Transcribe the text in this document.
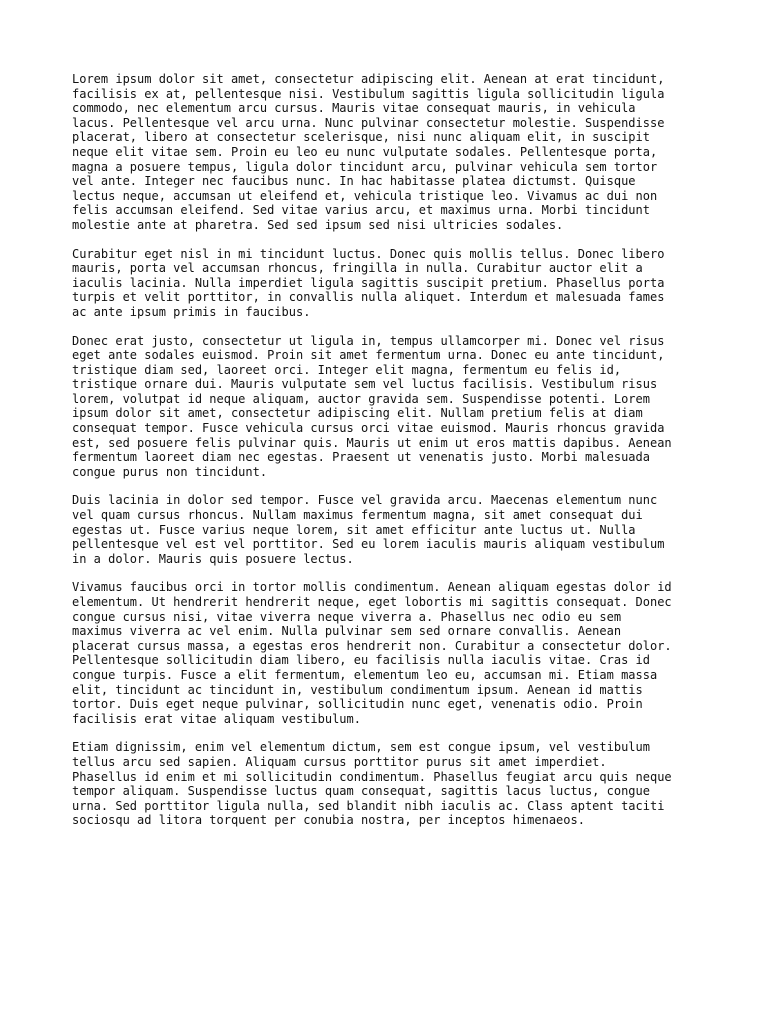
Lorem ipsum dolor sit amet, consectetur adipiscing elit. Aenean at erat tincidunt,
facilisis ex at, pellentesque nisi. Vestibulum sagittis ligula sollicitudin ligula
commodo, nec elementum arcu cursus. Mauris vitae consequat mauris, in vehicula
lacus. Pellentesque vel arcu urna. Nunc pulvinar consectetur molestie. Suspendisse
placerat, libero at consectetur scelerisque, nisi nunc aliquam elit, in suscipit
neque elit vitae sem. Proin eu leo eu nunc vulputate sodales. Pellentesque porta,
magna a posuere tempus, ligula dolor tincidunt arcu, pulvinar vehicula sem tortor
vel ante. Integer nec faucibus nunc. In hac habitasse platea dictumst. Quisque
lectus neque, accumsan ut eleifend et, vehicula tristique leo. Vivamus ac dui non
felis accumsan eleifend. Sed vitae varius arcu, et maximus urna. Morbi tincidunt
molestie ante at pharetra. Sed sed ipsum sed nisi ultricies sodales.

Curabitur eget nisl in mi tincidunt luctus. Donec quis mollis tellus. Donec libero
mauris, porta vel accumsan rhoncus, fringilla in nulla. Curabitur auctor elit a
iaculis lacinia. Nulla imperdiet ligula sagittis suscipit pretium. Phasellus porta
turpis et velit porttitor, in convallis nulla aliquet. Interdum et malesuada fames
ac ante ipsum primis in faucibus.

Donec erat justo, consectetur ut ligula in, tempus ullamcorper mi. Donec vel risus
eget ante sodales euismod. Proin sit amet fermentum urna. Donec eu ante tincidunt,
tristique diam sed, laoreet orci. Integer elit magna, fermentum eu felis id,
tristique ornare dui. Mauris vulputate sem vel luctus facilisis. Vestibulum risus
lorem, volutpat id neque aliquam, auctor gravida sem. Suspendisse potenti. Lorem
ipsum dolor sit amet, consectetur adipiscing elit. Nullam pretium felis at diam
consequat tempor. Fusce vehicula cursus orci vitae euismod. Mauris rhoncus gravida
est, sed posuere felis pulvinar quis. Mauris ut enim ut eros mattis dapibus. Aenean
fermentum laoreet diam nec egestas. Praesent ut venenatis justo. Morbi malesuada
congue purus non tincidunt.

Duis lacinia in dolor sed tempor. Fusce vel gravida arcu. Maecenas elementum nunc
vel quam cursus rhoncus. Nullam maximus fermentum magna, sit amet consequat dui
egestas ut. Fusce varius neque lorem, sit amet efficitur ante luctus ut. Nulla
pellentesque vel est vel porttitor. Sed eu lorem iaculis mauris aliquam vestibulum
in a dolor. Mauris quis posuere lectus.

Vivamus faucibus orci in tortor mollis condimentum. Aenean aliquam egestas dolor id
elementum. Ut hendrerit hendrerit neque, eget lobortis mi sagittis consequat. Donec
congue cursus nisi, vitae viverra neque viverra a. Phasellus nec odio eu sem
maximus viverra ac vel enim. Nulla pulvinar sem sed ornare convallis. Aenean
placerat cursus massa, a egestas eros hendrerit non. Curabitur a consectetur dolor.
Pellentesque sollicitudin diam libero, eu facilisis nulla iaculis vitae. Cras id
congue turpis. Fusce a elit fermentum, elementum leo eu, accumsan mi. Etiam massa
elit, tincidunt ac tincidunt in, vestibulum condimentum ipsum. Aenean id mattis
tortor. Duis eget neque pulvinar, sollicitudin nunc eget, venenatis odio. Proin
facilisis erat vitae aliquam vestibulum.

Etiam dignissim, enim vel elementum dictum, sem est congue ipsum, vel vestibulum
tellus arcu sed sapien. Aliquam cursus porttitor purus sit amet imperdiet.
Phasellus id enim et mi sollicitudin condimentum. Phasellus feugiat arcu quis neque
tempor aliquam. Suspendisse luctus quam consequat, sagittis lacus luctus, congue
urna. Sed porttitor ligula nulla, sed blandit nibh iaculis ac. Class aptent taciti
sociosqu ad litora torquent per conubia nostra, per inceptos himenaeos.
